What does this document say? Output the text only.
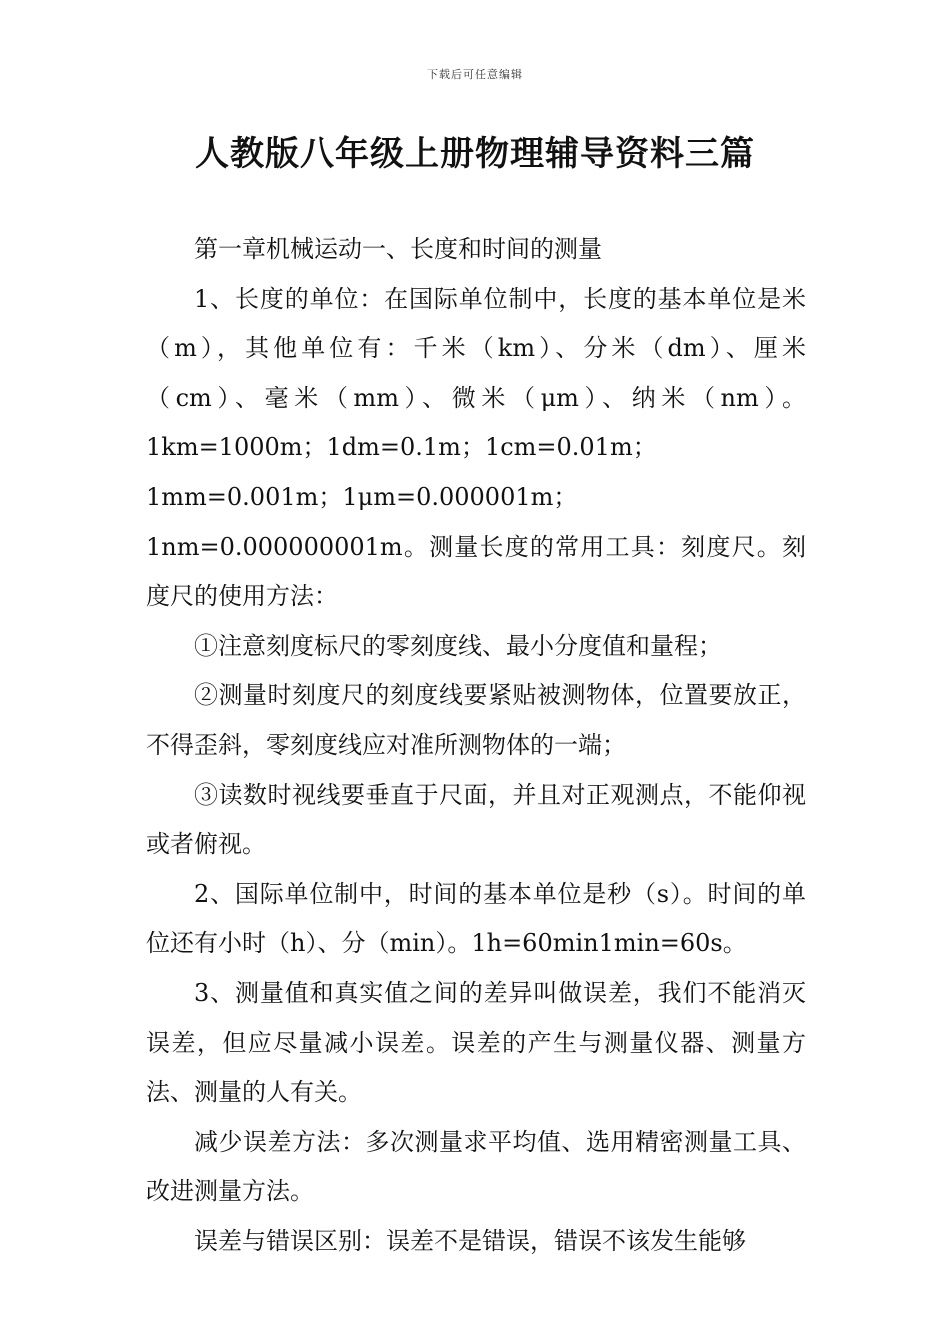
下载后可任意编辑
人教版八年级上册物理辅导资料三篇

第一章机械运动一、长度和时间的测量

1、长度的单位：在国际单位制中，长度的基本单位是米（m），其他单位有：千米（km）、分米（dm）、厘米（cm）、毫米（mm）、微米（μm）、纳米（nm）。1km=1000m；1dm=0.1m；1cm=0.01m；1mm=0.001m；1μm=0.000001m；1nm=0.000000001m。测量长度的常用工具：刻度尺。刻度尺的使用方法：

①注意刻度标尺的零刻度线、最小分度值和量程；

②测量时刻度尺的刻度线要紧贴被测物体，位置要放正，不得歪斜，零刻度线应对准所测物体的一端；

③读数时视线要垂直于尺面，并且对正观测点，不能仰视或者俯视。

2、国际单位制中，时间的基本单位是秒（s）。时间的单位还有小时（h）、分（min）。1h=60min1min=60s。

3、测量值和真实值之间的差异叫做误差，我们不能消灭误差，但应尽量减小误差。误差的产生与测量仪器、测量方法、测量的人有关。

减少误差方法：多次测量求平均值、选用精密测量工具、改进测量方法。

误差与错误区别：误差不是错误，错误不该发生能够
